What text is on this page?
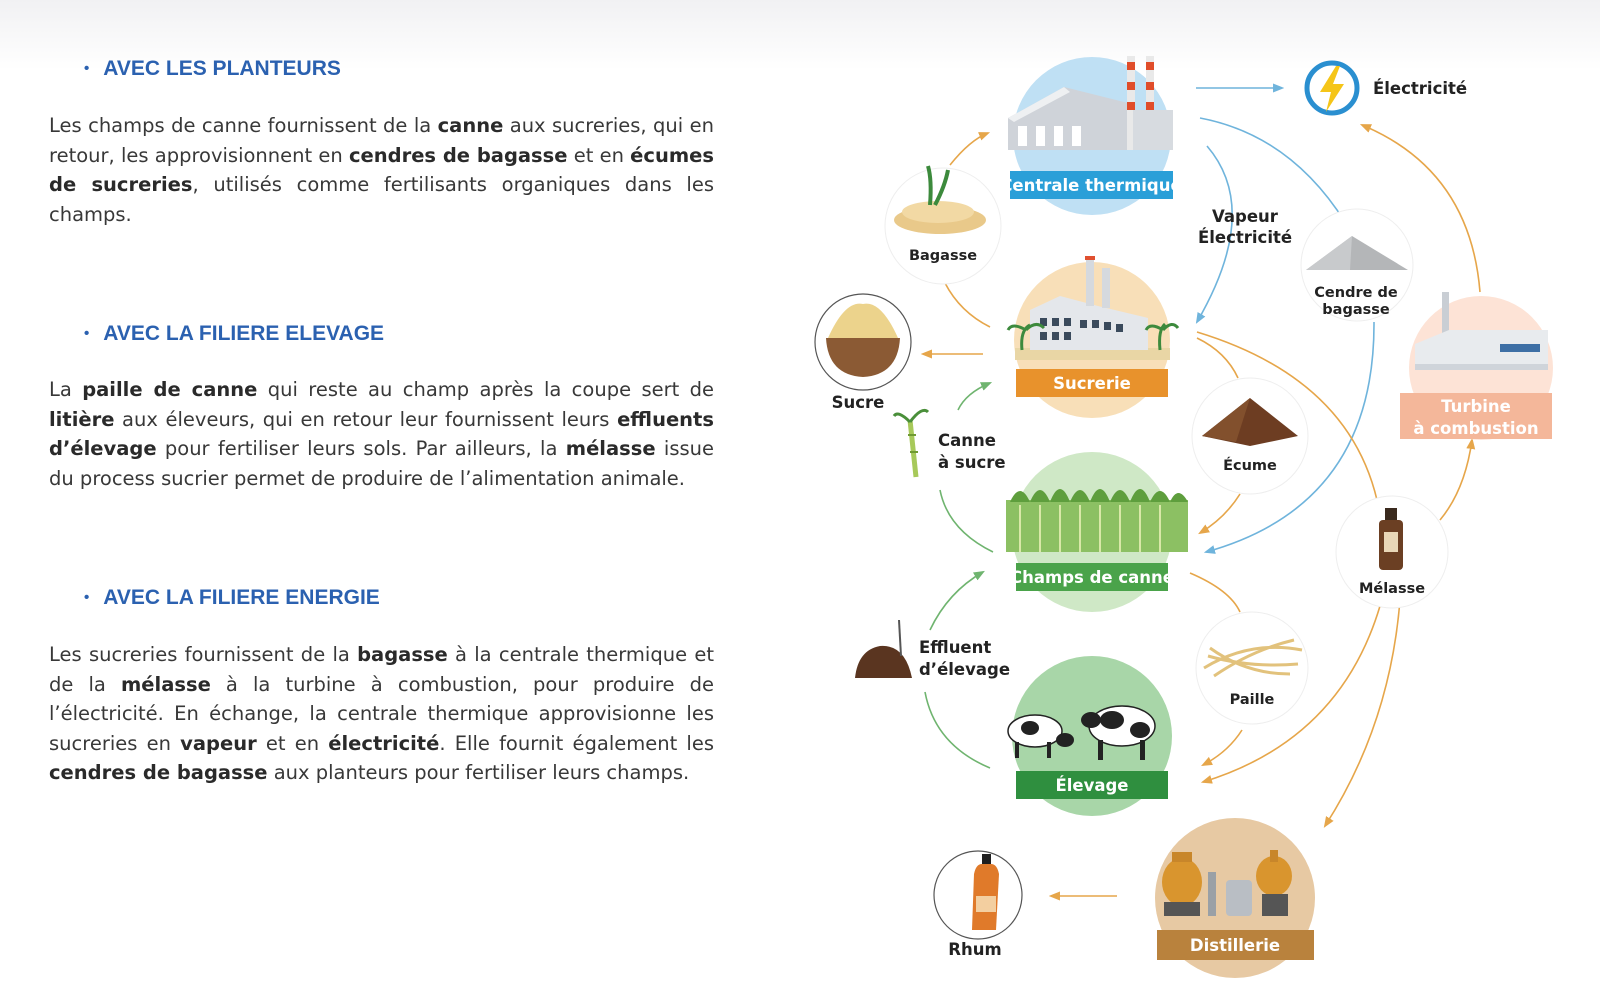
• AVEC LES PLANTEURS

Les champs de canne fournissent de la canne aux sucreries, qui en retour, les approvisionnent en cendres de bagasse et en écumes de sucreries, utilisés comme fertilisants organiques dans les champs.

• AVEC LA FILIERE ELEVAGE

La paille de canne qui reste au champ après la coupe sert de litière aux éleveurs, qui en retour leur fournissent leurs effluents d’élevage pour fertiliser leurs sols. Par ailleurs, la mélasse issue du process sucrier permet de produire de l’alimentation animale.

• AVEC LA FILIERE ENERGIE

Les sucreries fournissent de la bagasse à la centrale thermique et de la mélasse à la turbine à combustion, pour produire de l’électricité. En échange, la centrale thermique approvisionne les sucreries en vapeur et en électricité. Elle fournit également les cendres de bagasse aux planteurs pour fertiliser leurs champs.

Centrale thermique
Sucrerie
Champs de canne
Élevage
Distillerie
Turbine
à combustion
Électricité
Bagasse
Sucre
Vapeur
Électricité
Cendre de
bagasse
Canne
à sucre	Écume
Mélasse
Effluent
d’élevage
Paille
Rhum
